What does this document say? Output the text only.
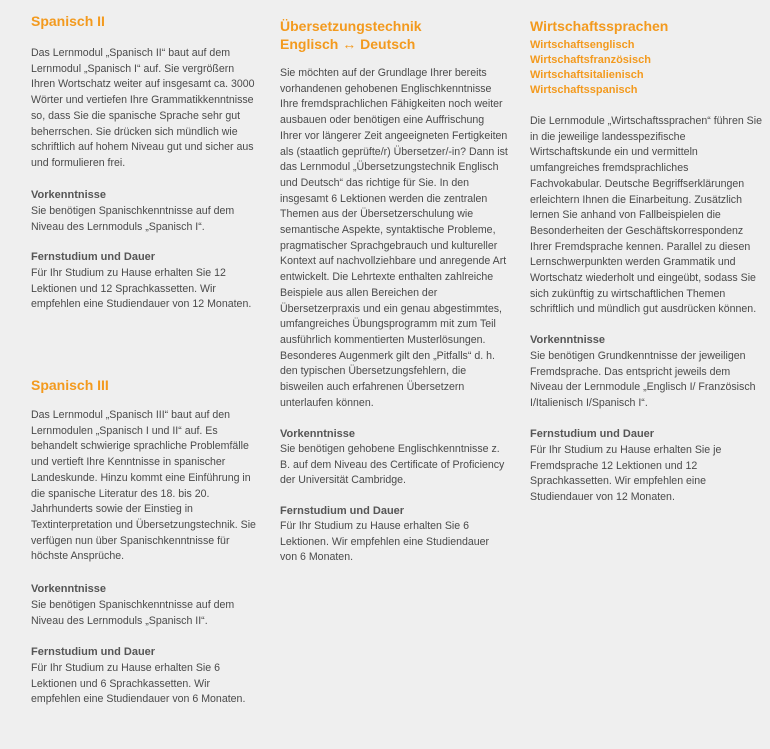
Spanisch II

Das Lernmodul „Spanisch II“ baut auf dem Lernmodul „Spanisch I“ auf. Sie vergrößern Ihren Wortschatz weiter auf insgesamt ca. 3000 Wörter und vertiefen Ihre Grammatikkenntnisse so, dass Sie die spanische Sprache sehr gut beherrschen. Sie drücken sich mündlich wie schriftlich auf hohem Niveau gut und sicher aus und formulieren frei.

Vorkenntnisse

Sie benötigen Spanischkenntnisse auf dem Niveau des Lernmoduls „Spanisch I“.

Fernstudium und Dauer

Für Ihr Studium zu Hause erhalten Sie 12 Lektionen und 12 Sprachkassetten. Wir empfehlen eine Studiendauer von 12 Monaten.

Spanisch III

Das Lernmodul „Spanisch III“ baut auf den Lernmodulen „Spanisch I und II“ auf. Es behandelt schwierige sprachliche Problemfälle und vertieft Ihre Kenntnisse in spanischer Landeskunde. Hinzu kommt eine Einführung in die spanische Literatur des 18. bis 20. Jahrhunderts sowie der Einstieg in Textinterpretation und Übersetzungstechnik. Sie verfügen nun über Spanischkenntnisse für höchste Ansprüche.

Vorkenntnisse

Sie benötigen Spanischkenntnisse auf dem Niveau des Lernmoduls „Spanisch II“.

Fernstudium und Dauer

Für Ihr Studium zu Hause erhalten Sie 6 Lektionen und 6 Sprachkassetten. Wir empfehlen eine Studiendauer von 6 Monaten.

Übersetzungstechnik
Englisch ↔ Deutsch

Sie möchten auf der Grundlage Ihrer bereits vorhandenen gehobenen Englischkenntnisse Ihre fremdsprachlichen Fähigkeiten noch weiter ausbauen oder benötigen eine Auffrischung Ihrer vor längerer Zeit angeeigneten Fertigkeiten als (staatlich geprüfte/r) Übersetzer/-in? Dann ist das Lernmodul „Übersetzungstechnik Englisch und Deutsch“ das richtige für Sie. In den insgesamt 6 Lektionen werden die zentralen Themen aus der Übersetzerschulung wie semantische Aspekte, syntaktische Probleme, pragmatischer Sprachgebrauch und kultureller Kontext auf nachvollziehbare und anregende Art entwickelt. Die Lehrtexte enthalten zahlreiche Beispiele aus allen Bereichen der Übersetzerpraxis und ein genau abgestimmtes, umfangreiches Übungsprogramm mit zum Teil ausführlich kommentierten Musterlösungen. Besonderes Augenmerk gilt den „Pitfalls“ d. h. den typischen Übersetzungsfehlern, die bisweilen auch erfahrenen Übersetzern unterlaufen können.

Vorkenntnisse

Sie benötigen gehobene Englischkenntnisse z. B. auf dem Niveau des Certificate of Proficiency der Universität Cambridge.

Fernstudium und Dauer

Für Ihr Studium zu Hause erhalten Sie 6 Lektionen. Wir empfehlen eine Studiendauer von 6 Monaten.

Wirtschaftssprachen
Wirtschaftsenglisch
Wirtschaftsfranzösisch
Wirtschaftsitalienisch
Wirtschaftsspanisch

Die Lernmodule „Wirtschaftssprachen“ führen Sie in die jeweilige landesspezifische Wirtschaftskunde ein und vermitteln umfangreiches fremdsprachliches Fachvokabular. Deutsche Begriffserklärungen erleichtern Ihnen die Einarbeitung. Zusätzlich lernen Sie anhand von Fallbeispielen die Besonderheiten der Geschäftskorrespondenz Ihrer Fremdsprache kennen. Parallel zu diesen Lernschwerpunkten werden Grammatik und Wortschatz wiederholt und eingeübt, sodass Sie sich zukünftig zu wirtschaftlichen Themen schriftlich und mündlich gut ausdrücken können.

Vorkenntnisse

Sie benötigen Grundkenntnisse der jeweiligen Fremdsprache. Das entspricht jeweils dem Niveau der Lernmodule „Englisch I/ Französisch I/Italienisch I/Spanisch I“.

Fernstudium und Dauer

Für Ihr Studium zu Hause erhalten Sie je Fremdsprache 12 Lektionen und 12 Sprachkassetten. Wir empfehlen eine Studiendauer von 12 Monaten.
